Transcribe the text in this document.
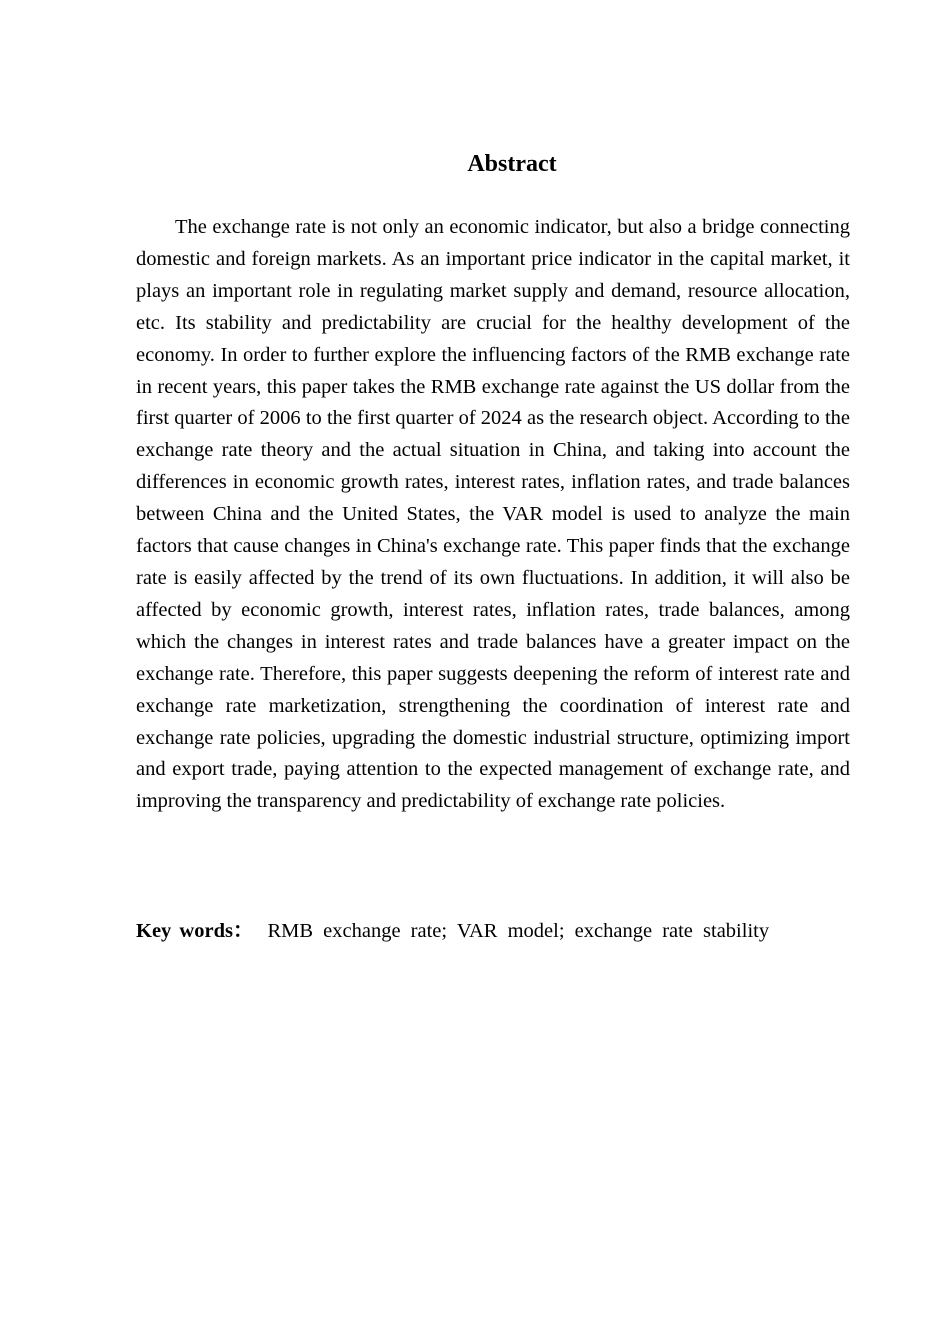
Abstract

The exchange rate is not only an economic indicator, but also a bridge connecting domestic and foreign markets. As an important price indicator in the capital market, it plays an important role in regulating market supply and demand, resource allocation, etc. Its stability and predictability are crucial for the healthy development of the economy. In order to further explore the influencing factors of the RMB exchange rate in recent years, this paper takes the RMB exchange rate against the US dollar from the first quarter of 2006 to the first quarter of 2024 as the research object. According to the exchange rate theory and the actual situation in China, and taking into account the differences in economic growth rates, interest rates, inflation rates, and trade balances between China and the United States, the VAR model is used to analyze the main factors that cause changes in China's exchange rate. This paper finds that the exchange rate is easily affected by the trend of its own fluctuations. In addition, it will also be affected by economic growth, interest rates, inflation rates, trade balances, among which the changes in interest rates and trade balances have a greater impact on the exchange rate. Therefore, this paper suggests deepening the reform of interest rate and exchange rate marketization, strengthening the coordination of interest rate and exchange rate policies, upgrading the domestic industrial structure, optimizing import and export trade, paying attention to the expected management of exchange rate, and improving the transparency and predictability of exchange rate policies.

Key words： RMB exchange rate; VAR model; exchange rate stability
